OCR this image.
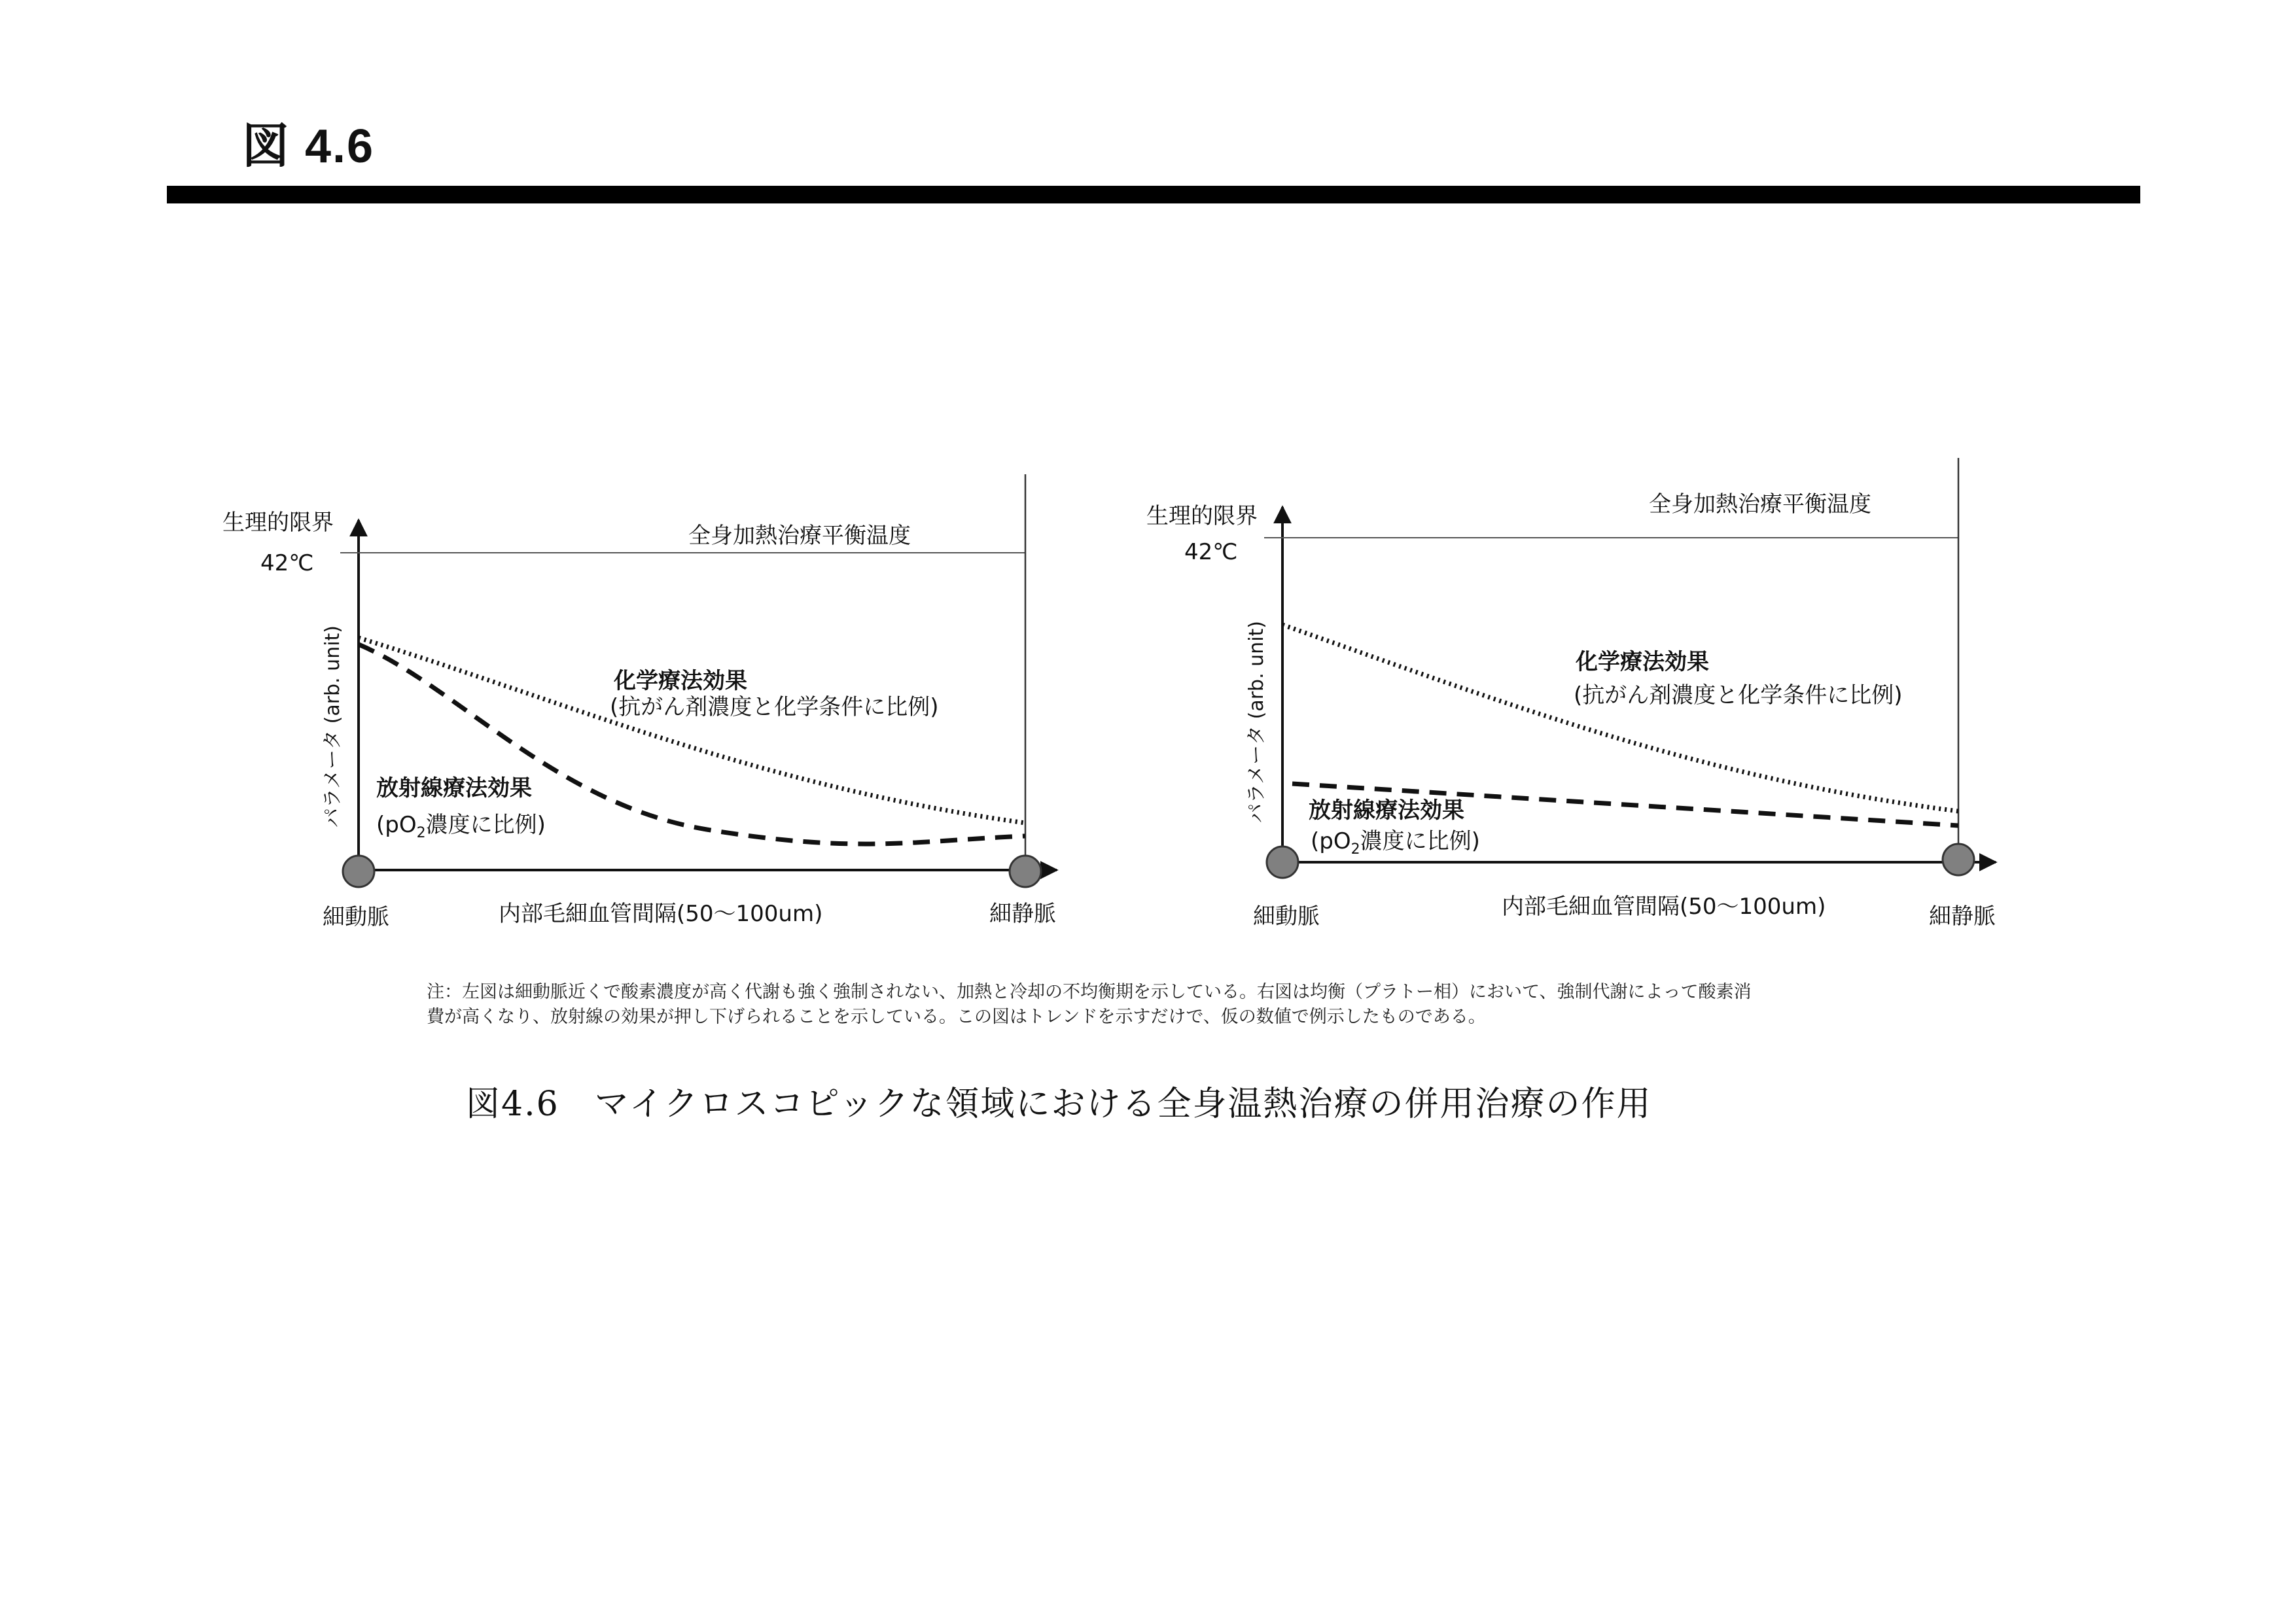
図 4.6
生理的限界
42℃
全身加熱治療平衡温度
パラメータ (arb. unit)
内部毛細血管間隔(50〜100um)
細動脈	細静脈
化学療法効果
(抗がん剤濃度と化学条件に比例)
放射線療法効果
($pO_2$濃度に比例)
生理的限界
42℃
全身加熱治療平衡温度
パラメータ (arb. unit)
内部毛細血管間隔(50〜100um)
細動脈	細静脈
化学療法効果
(抗がん剤濃度と化学条件に比例)
放射線療法効果
($pO_2$濃度に比例)
注：左図は細動脈近くで酸素濃度が高く代謝も強く強制されない、加熱と冷却の不均衡期を示している。右図は均衡（プラトー相）において、強制代謝によって酸素消費が高くなり、放射線の効果が押し下げられることを示している。この図はトレンドを示すだけで、仮の数値で例示したものである。
図4.6　マイクロスコピックな領域における全身温熱治療の併用治療の作用
